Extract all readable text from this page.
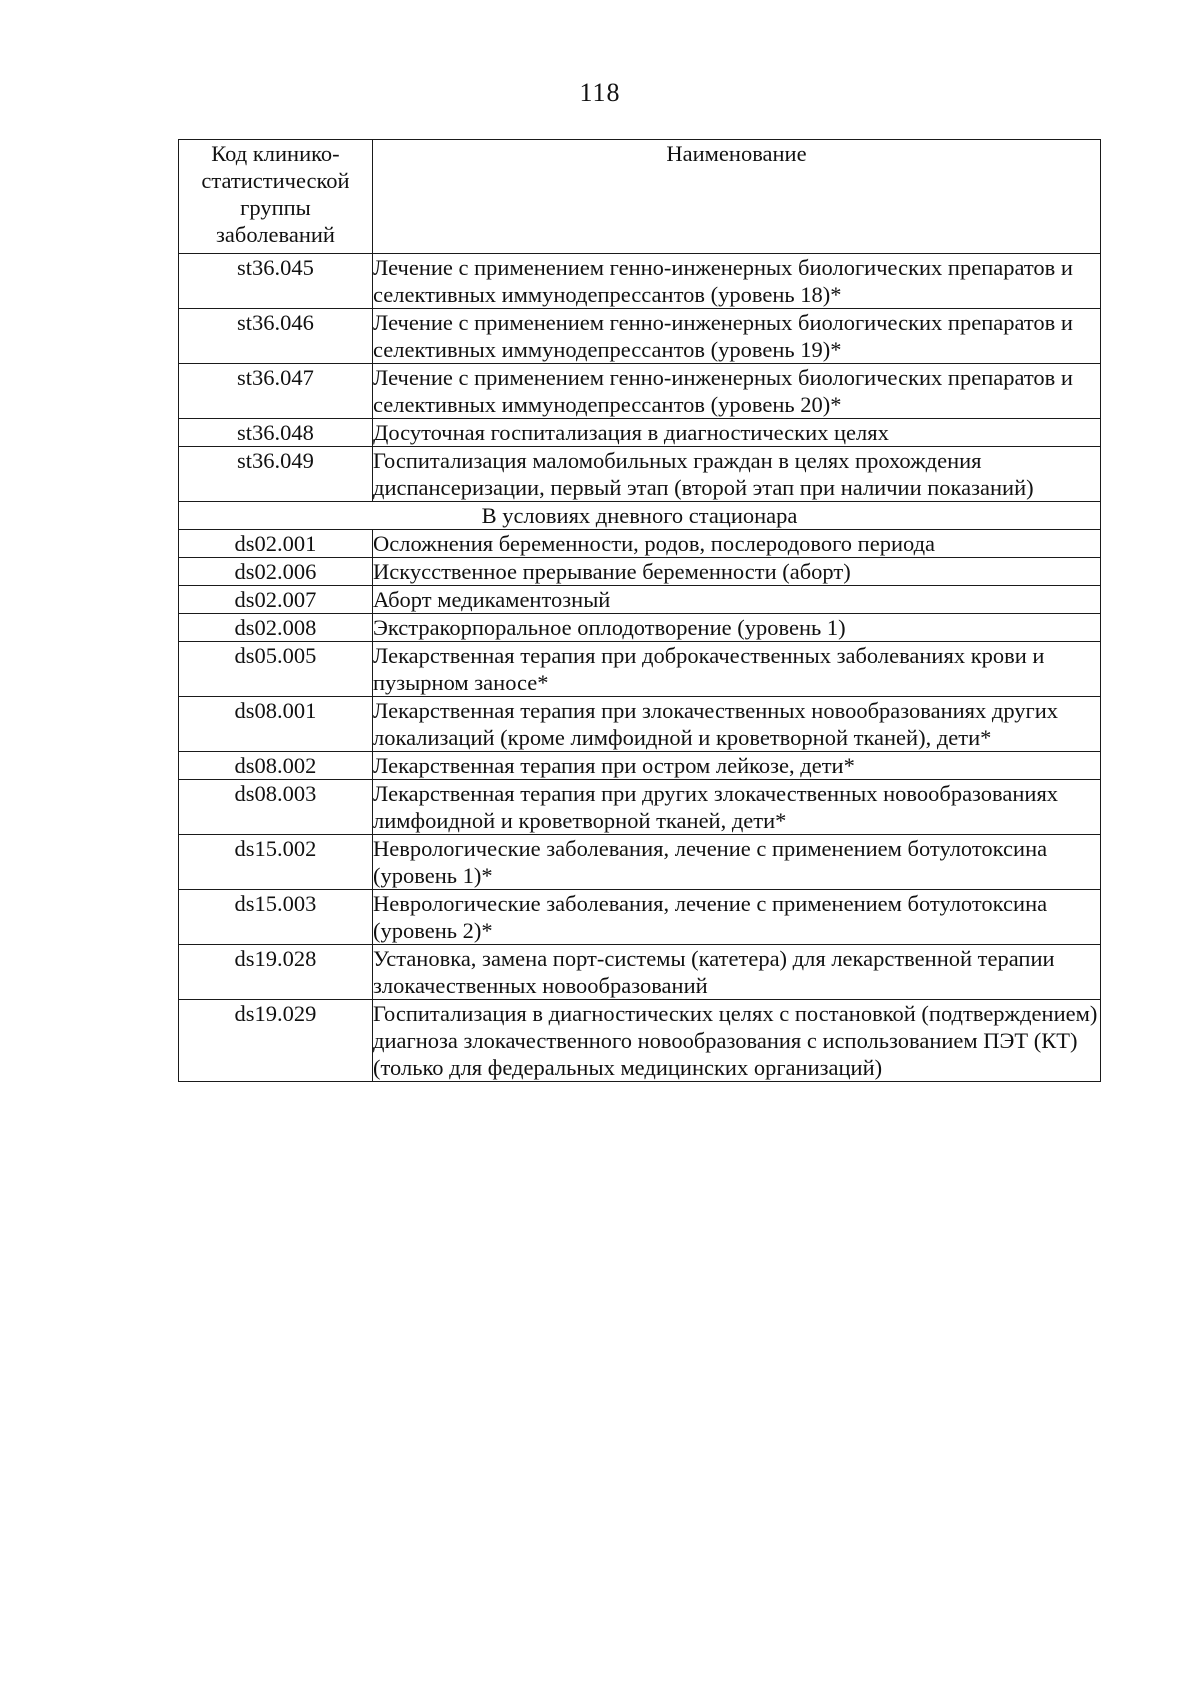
118
Код клинико-статистической группы заболеваний	Наименование
st36.045	Лечение с применением генно-инженерных биологических препаратов и селективных иммунодепрессантов (уровень 18)*
st36.046	Лечение с применением генно-инженерных биологических препаратов и селективных иммунодепрессантов (уровень 19)*
st36.047	Лечение с применением генно-инженерных биологических препаратов и селективных иммунодепрессантов (уровень 20)*
st36.048	Досуточная госпитализация в диагностических целях
st36.049	Госпитализация маломобильных граждан в целях прохождения диспансеризации, первый этап (второй этап при наличии показаний)
В условиях дневного стационара	
ds02.001	Осложнения беременности, родов, послеродового периода
ds02.006	Искусственное прерывание беременности (аборт)
ds02.007	Аборт медикаментозный
ds02.008	Экстракорпоральное оплодотворение (уровень 1)
ds05.005	Лекарственная терапия при доброкачественных заболеваниях крови и пузырном заносе*
ds08.001	Лекарственная терапия при злокачественных новообразованиях других локализаций (кроме лимфоидной и кроветворной тканей), дети*
ds08.002	Лекарственная терапия при остром лейкозе, дети*
ds08.003	Лекарственная терапия при других злокачественных новообразованиях лимфоидной и кроветворной тканей, дети*
ds15.002	Неврологические заболевания, лечение с применением ботулотоксина (уровень 1)*
ds15.003	Неврологические заболевания, лечение с применением ботулотоксина (уровень 2)*
ds19.028	Установка, замена порт-системы (катетера) для лекарственной терапии злокачественных новообразований
ds19.029	Госпитализация в диагностических целях с постановкой (подтверждением) диагноза злокачественного новообразования с использованием ПЭТ (КТ) (только для федеральных медицинских организаций)
